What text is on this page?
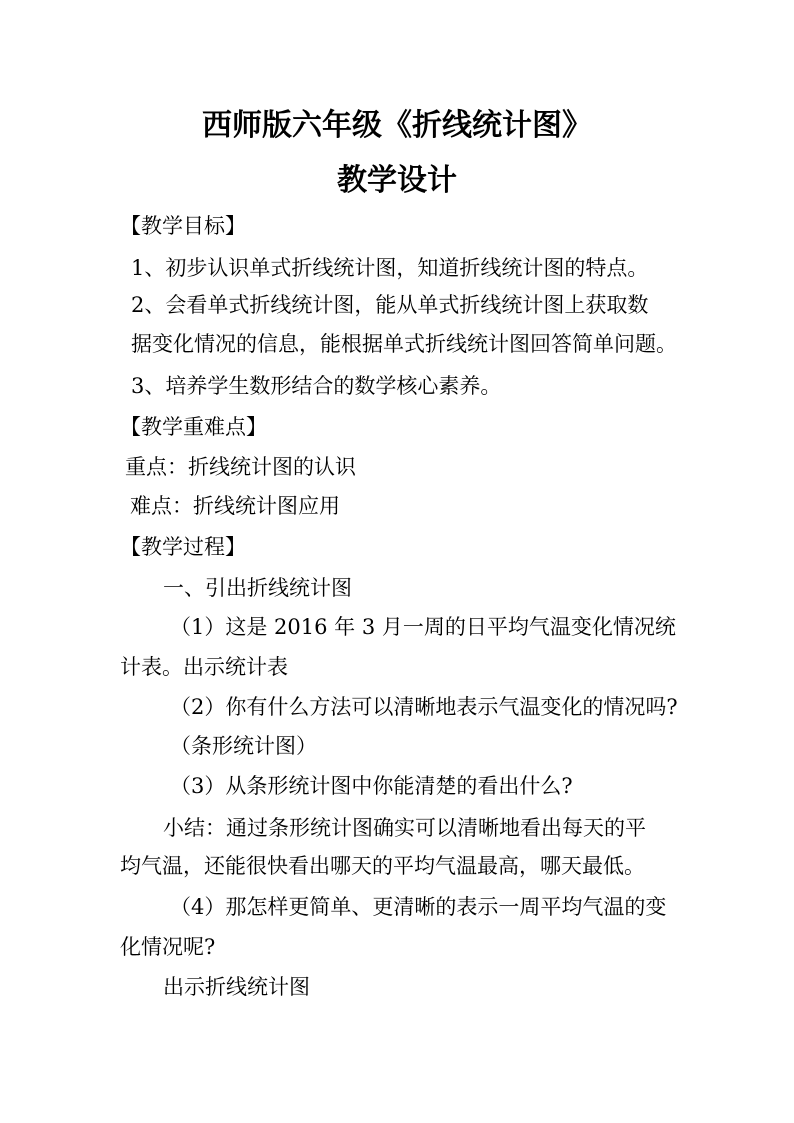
西师版六年级《折线统计图》
教学设计
【教学目标】
1、初步认识单式折线统计图，知道折线统计图的特点。
2、会看单式折线统计图，能从单式折线统计图上获取数
据变化情况的信息，能根据单式折线统计图回答简单问题。
3、培养学生数形结合的数学核心素养。
【教学重难点】
重点：折线统计图的认识
难点：折线统计图应用
【教学过程】
一、引出折线统计图
（1）这是 2016 年 3 月一周的日平均气温变化情况统
计表。出示统计表
（2）你有什么方法可以清晰地表示气温变化的情况吗?
（条形统计图）
（3）从条形统计图中你能清楚的看出什么?
小结：通过条形统计图确实可以清晰地看出每天的平
均气温，还能很快看出哪天的平均气温最高，哪天最低。
（4）那怎样更简单、更清晰的表示一周平均气温的变
化情况呢?
出示折线统计图
